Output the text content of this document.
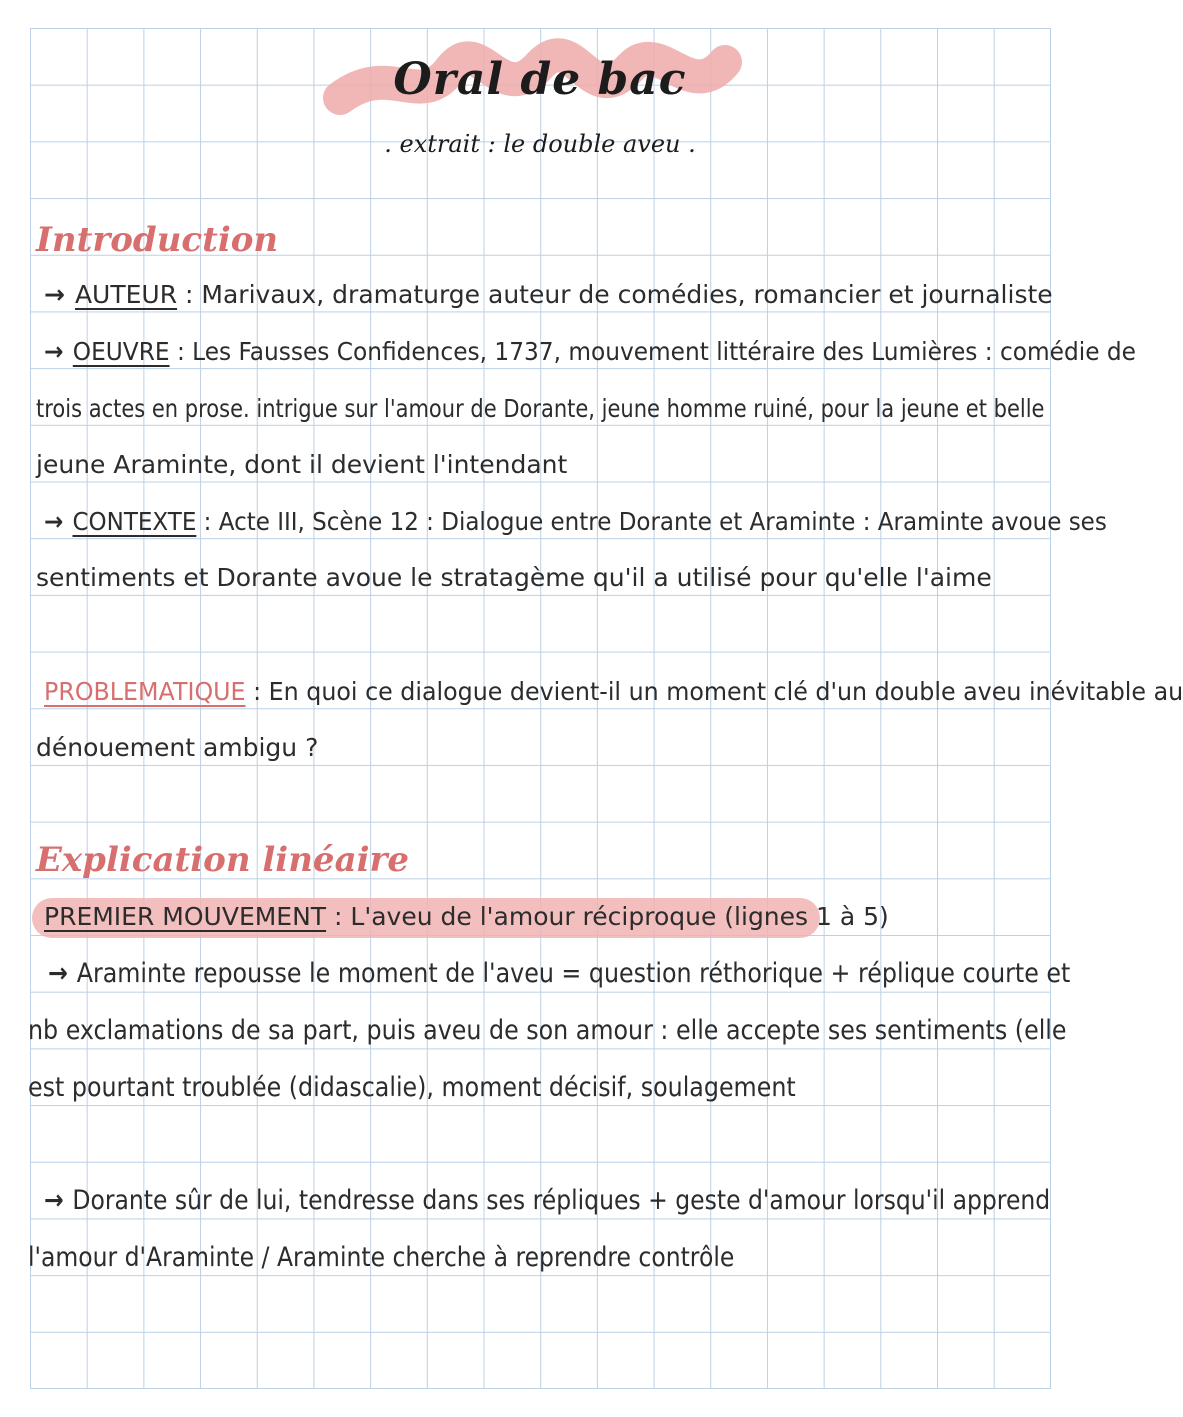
Oral de bac
. extrait : le double aveu .
Introduction
→ AUTEUR : Marivaux, dramaturge auteur de comédies, romancier et journaliste
→ OEUVRE : Les Fausses Confidences, 1737, mouvement littéraire des Lumières : comédie de
trois actes en prose. intrigue sur l'amour de Dorante, jeune homme ruiné, pour la jeune et belle
jeune Araminte, dont il devient l'intendant
→ CONTEXTE : Acte III, Scène 12 : Dialogue entre Dorante et Araminte : Araminte avoue ses
sentiments et Dorante avoue le stratagème qu'il a utilisé pour qu'elle l'aime
PROBLEMATIQUE : En quoi ce dialogue devient-il un moment clé d'un double aveu inévitable au
dénouement ambigu ?
Explication linéaire
PREMIER MOUVEMENT : L'aveu de l'amour réciproque (lignes 1 à 5)
→ Araminte repousse le moment de l'aveu = question réthorique + réplique courte et
nb exclamations de sa part, puis aveu de son amour : elle accepte ses sentiments (elle
est pourtant troublée (didascalie), moment décisif, soulagement
→ Dorante sûr de lui, tendresse dans ses répliques + geste d'amour lorsqu'il apprend
l'amour d'Araminte / Araminte cherche à reprendre contrôle
